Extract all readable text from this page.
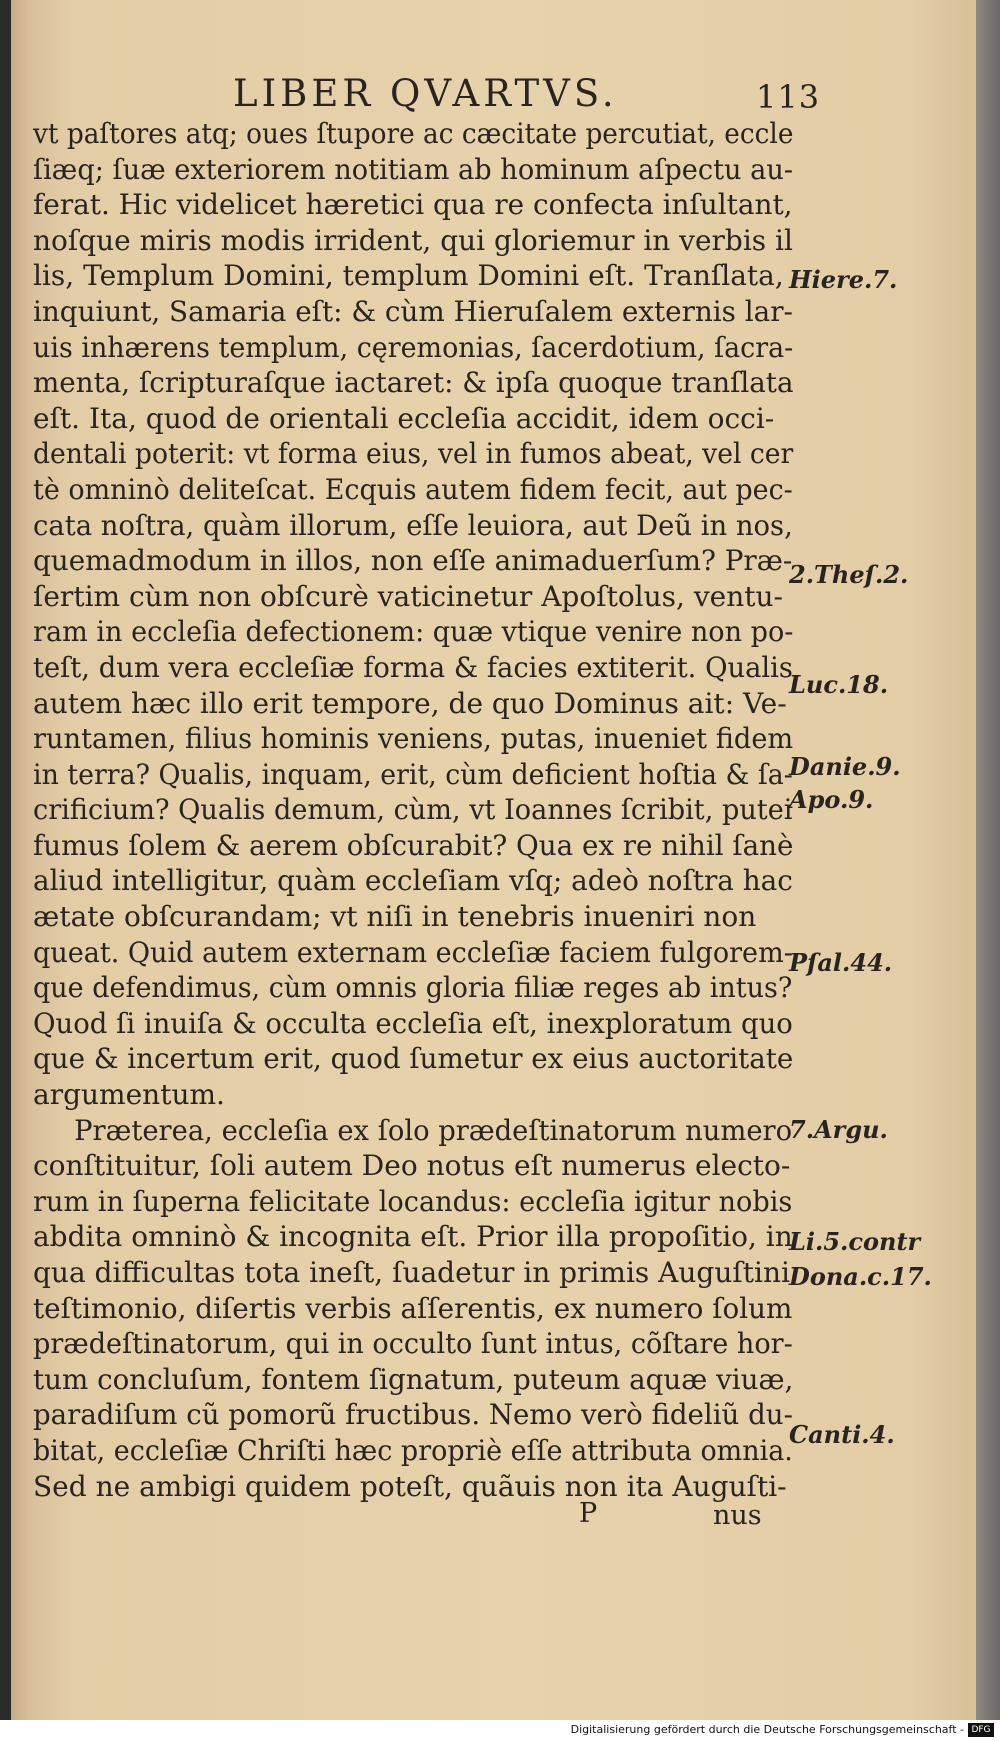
LIBER QVARTVS.	113
vt paſtores atq; oues ſtupore ac cæcitate percutiat, eccle
ſiæq; ſuæ exteriorem notitiam ab hominum aſpectu au-
ferat. Hic videlicet hæretici qua re confecta inſultant,
noſque miris modis irrident, qui gloriemur in verbis il
lis, Templum Domini, templum Domini eſt. Tranſlata,
inquiunt, Samaria eſt: & cùm Hieruſalem externis lar-
uis inhærens templum, cęremonias, ſacerdotium, ſacra-
menta, ſcripturaſque iactaret: & ipſa quoque tranſlata
eſt. Ita, quod de orientali eccleſia accidit, idem occi-
dentali poterit: vt forma eius, vel in fumos abeat, vel cer
tè omninò deliteſcat. Ecquis autem fidem fecit, aut pec-
cata noſtra, quàm illorum, eſſe leuiora, aut Deũ in nos,
quemadmodum in illos, non eſſe animaduerſum? Præ-
ſertim cùm non obſcurè vaticinetur Apoſtolus, ventu-
ram in eccleſia defectionem: quæ vtique venire non po-
teſt, dum vera eccleſiæ forma & facies extiterit. Qualis
autem hæc illo erit tempore, de quo Dominus ait: Ve-
runtamen, filius hominis veniens, putas, inueniet fidem
in terra? Qualis, inquam, erit, cùm deficient hoſtia & ſa-
crificium? Qualis demum, cùm, vt Ioannes ſcribit, putei
fumus ſolem & aerem obſcurabit? Qua ex re nihil ſanè
aliud intelligitur, quàm eccleſiam vſq; adeò noſtra hac
ætate obſcurandam; vt niſi in tenebris inueniri non
queat. Quid autem externam eccleſiæ faciem fulgorem-
que defendimus, cùm omnis gloria filiæ reges ab intus?
Quod ſi inuiſa & occulta eccleſia eſt, inexploratum quo
que & incertum erit, quod ſumetur ex eius auctoritate
argumentum.
Præterea, eccleſia ex ſolo prædeſtinatorum numero
conſtituitur, ſoli autem Deo notus eſt numerus electo-
rum in ſuperna felicitate locandus: eccleſia igitur nobis
abdita omninò & incognita eſt. Prior illa propoſitio, in
qua difficultas tota ineſt, ſuadetur in primis Auguſtini
teſtimonio, diſertis verbis aſſerentis, ex numero ſolum
prædeſtinatorum, qui in occulto ſunt intus, cõſtare hor-
tum concluſum, fontem ſignatum, puteum aquæ viuæ,
paradiſum cũ pomorũ fructibus. Nemo verò fideliũ du-
bitat, eccleſiæ Chriſti hæc propriè eſſe attributa omnia.
Sed ne ambigi quidem poteſt, quãuis non ita Auguſti-
Hiere.7.
2.Theſ.2.
Luc.18.
Danie.9.
Apo.9.
Pſal.44.
7.Argu.
Li.5.contr
Dona.c.17.
Canti.4.
P	nus
Digitalisierung gefördert durch die Deutsche Forschungsgemeinschaft - DFG
